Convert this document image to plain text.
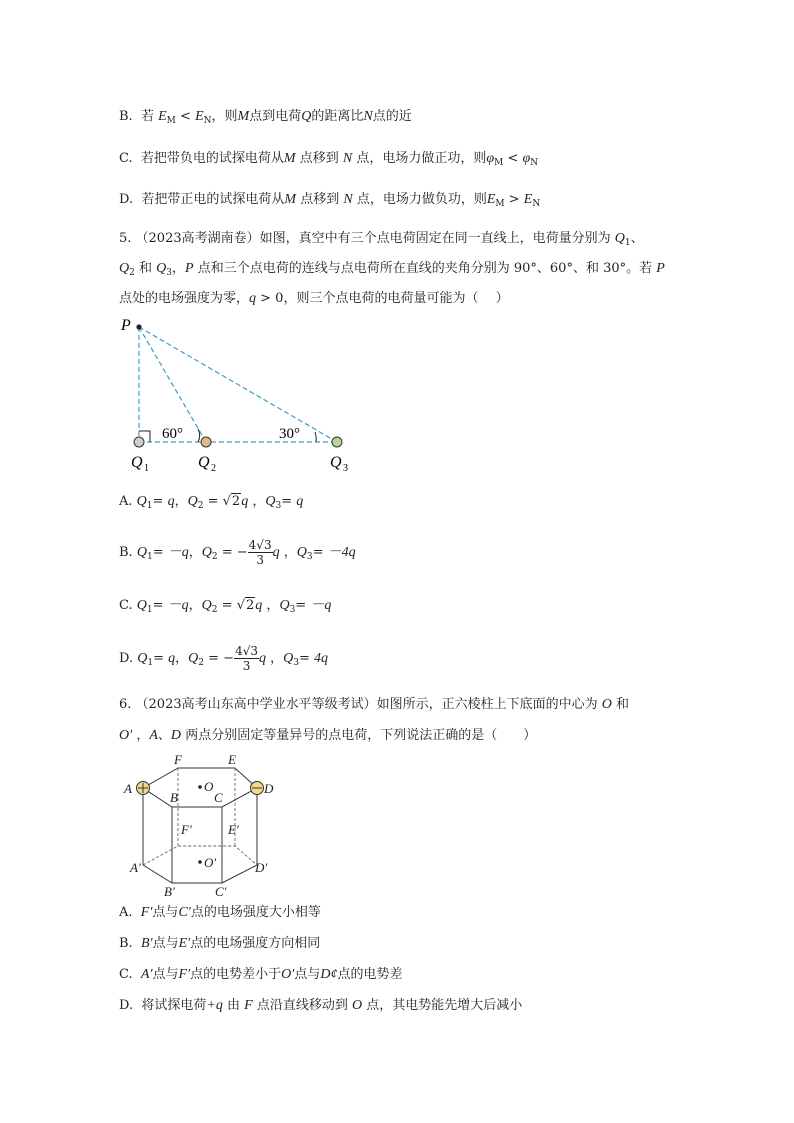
B. 若 $E_M < E_N$，则M点到电荷Q的距离比N点的近
C. 若把带负电的试探电荷从M 点移到 N 点，电场力做正功，则$\varphi_M < \varphi_N$
D. 若把带正电的试探电荷从M 点移到 N 点，电场力做负功，则$E_M > E_N$
5. （2023高考湖南卷）如图，真空中有三个点电荷固定在同一直线上，电荷量分别为 $Q_1$、
$Q_2$ 和 $Q_3$，P 点和三个点电荷的连线与点电荷所在直线的夹角分别为 90°、60°、和 30°。若 P
点处的电场强度为零，q > 0，则三个点电荷的电荷量可能为（　 ）
P
60°	30°
Q 1	Q 2	Q 3
A. $Q_1= q$，$Q_2 = √2q$ ，$Q_3= q$
B. $Q_1= -q$，$Q_2$ = − $\frac{4√3}{3}$ q ，$Q_3= -4q$
C. $Q_1= -q$，$Q_2 = √2q$ ，$Q_3= -q$
D. $Q_1= q$，$Q_2$ = − $\frac{4√3}{3}$ q ，$Q_3= 4q$
6. （2023高考山东高中学业水平等级考试）如图所示，正六棱柱上下底面的中心为 O 和
O′ ，A、D 两点分别固定等量异号的点电荷，下列说法正确的是（　　）
A
B	C
D
E
F
O
F′	E′
O′
A′
B′	C′
D′
A. F′点与C′点的电场强度大小相等
B. B′点与E′点的电场强度方向相同
C. A′点与F′点的电势差小于O′点与D¢点的电势差
D. 将试探电荷+q 由 F 点沿直线移动到 O 点，其电势能先增大后减小
